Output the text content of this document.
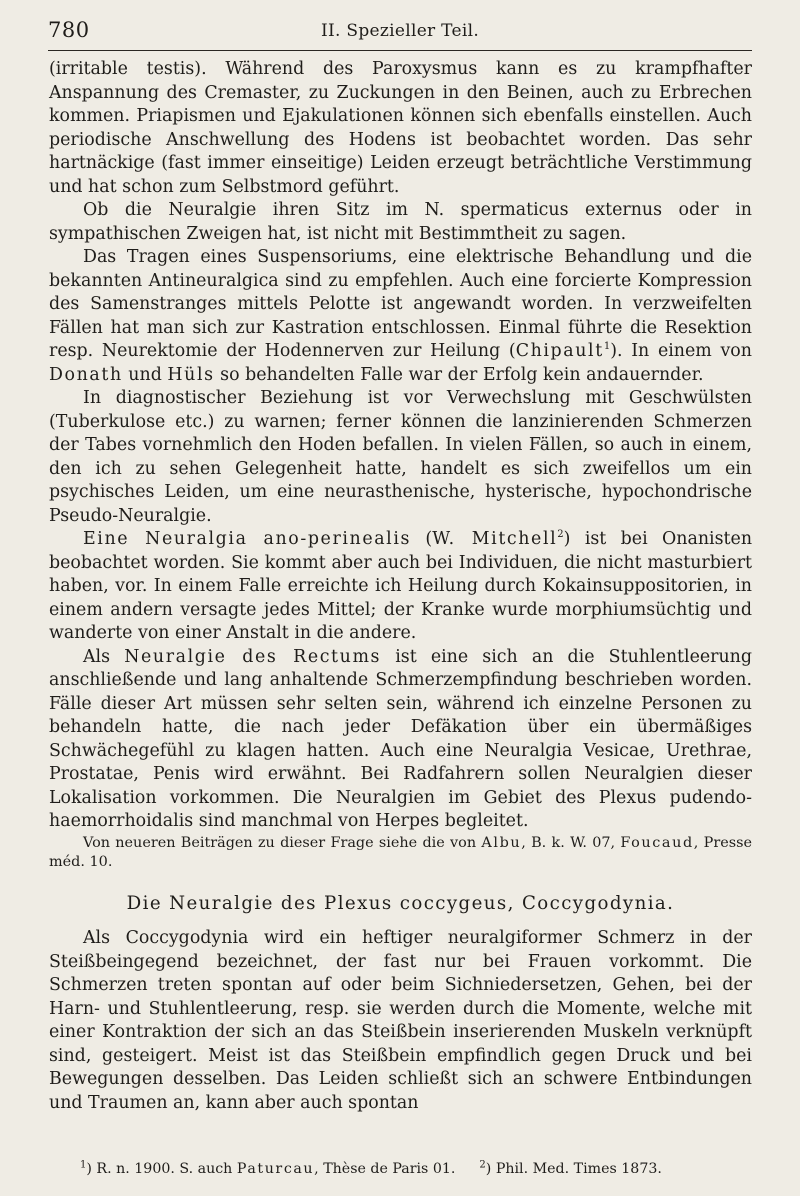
780	II. Spezieller Teil.

(irritable testis). Während des Paroxysmus kann es zu krampfhafter Anspannung des Cremaster, zu Zuckungen in den Beinen, auch zu Erbrechen kommen. Priapismen und Ejakulationen können sich ebenfalls einstellen. Auch periodische Anschwellung des Hodens ist beobachtet worden. Das sehr hartnäckige (fast immer einseitige) Leiden erzeugt beträchtliche Verstimmung und hat schon zum Selbstmord geführt.

Ob die Neuralgie ihren Sitz im N. spermaticus externus oder in sympathischen Zweigen hat, ist nicht mit Bestimmtheit zu sagen.

Das Tragen eines Suspensoriums, eine elektrische Behandlung und die bekannten Antineuralgica sind zu empfehlen. Auch eine forcierte Kompression des Samenstranges mittels Pelotte ist angewandt worden. In verzweifelten Fällen hat man sich zur Kastration entschlossen. Einmal führte die Resektion resp. Neurektomie der Hodennerven zur Heilung (Chipault$^1$). In einem von Donath und Hüls so behandelten Falle war der Erfolg kein andauernder.

In diagnostischer Beziehung ist vor Verwechslung mit Geschwülsten (Tuberkulose etc.) zu warnen; ferner können die lanzinierenden Schmerzen der Tabes vornehmlich den Hoden befallen. In vielen Fällen, so auch in einem, den ich zu sehen Gelegenheit hatte, handelt es sich zweifellos um ein psychisches Leiden, um eine neurasthenische, hysterische, hypochondrische Pseudo-Neuralgie.

Eine Neuralgia ano-perinealis (W. Mitchell$^2$) ist bei Onanisten beobachtet worden. Sie kommt aber auch bei Individuen, die nicht masturbiert haben, vor. In einem Falle erreichte ich Heilung durch Kokainsuppositorien, in einem andern versagte jedes Mittel; der Kranke wurde morphiumsüchtig und wanderte von einer Anstalt in die andere.

Als Neuralgie des Rectums ist eine sich an die Stuhlentleerung anschließende und lang anhaltende Schmerzempfindung beschrieben worden. Fälle dieser Art müssen sehr selten sein, während ich einzelne Personen zu behandeln hatte, die nach jeder Defäkation über ein übermäßiges Schwächegefühl zu klagen hatten. Auch eine Neuralgia Vesicae, Urethrae, Prostatae, Penis wird erwähnt. Bei Radfahrern sollen Neuralgien dieser Lokalisation vorkommen. Die Neuralgien im Gebiet des Plexus pudendo-haemorrhoidalis sind manchmal von Herpes begleitet.

Von neueren Beiträgen zu dieser Frage siehe die von Albu, B. k. W. 07, Foucaud, Presse méd. 10.

Die Neuralgie des Plexus coccygeus, Coccygodynia.

Als Coccygodynia wird ein heftiger neuralgiformer Schmerz in der Steißbeingegend bezeichnet, der fast nur bei Frauen vorkommt. Die Schmerzen treten spontan auf oder beim Sichniedersetzen, Gehen, bei der Harn- und Stuhlentleerung, resp. sie werden durch die Momente, welche mit einer Kontraktion der sich an das Steißbein inserierenden Muskeln verknüpft sind, gesteigert. Meist ist das Steißbein empfindlich gegen Druck und bei Bewegungen desselben. Das Leiden schließt sich an schwere Entbindungen und Traumen an, kann aber auch spontan

$^1$) R. n. 1900. S. auch Paturcau, Thèse de Paris 01. $^2$) Phil. Med. Times 1873.
